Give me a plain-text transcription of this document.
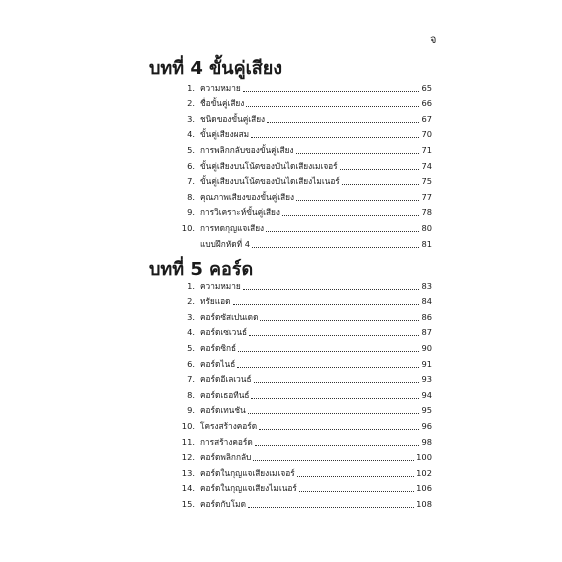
จ
บทที่ 4 ขั้นคู่เสียง
1. ความหมาย	65
2. ชื่อขั้นคู่เสียง	66
3. ชนิดของขั้นคู่เสียง	67
4. ขั้นคู่เสียงผสม	70
5. การพลิกกลับของขั้นคู่เสียง	71
6. ขั้นคู่เสียงบนโน้ตของบันไดเสียงเมเจอร์	74
7. ขั้นคู่เสียงบนโน้ตของบันไดเสียงไมเนอร์	75
8. คุณภาพเสียงของขั้นคู่เสียง	77
9. การวิเคราะห์ขั้นคู่เสียง	78
10. การทดกุญแจเสียง	80
แบบฝึกหัดที่ 4	81
บทที่ 5 คอร์ด
1. ความหมาย	83
2. ทรัยแอด	84
3. คอร์ดซัสเปนเดด	86
4. คอร์ดเซเวนธ์	87
5. คอร์ดซิกธ์	90
6. คอร์ดไนธ์	91
7. คอร์ดอีเลเวนธ์	93
8. คอร์ดเธอทีนธ์	94
9. คอร์ดเทนชัน	95
10. โครงสร้างคอร์ด	96
11. การสร้างคอร์ด	98
12. คอร์ดพลิกกลับ	100
13. คอร์ดในกุญแจเสียงเมเจอร์	102
14. คอร์ดในกุญแจเสียงไมเนอร์	106
15. คอร์ดกับโมด	108
